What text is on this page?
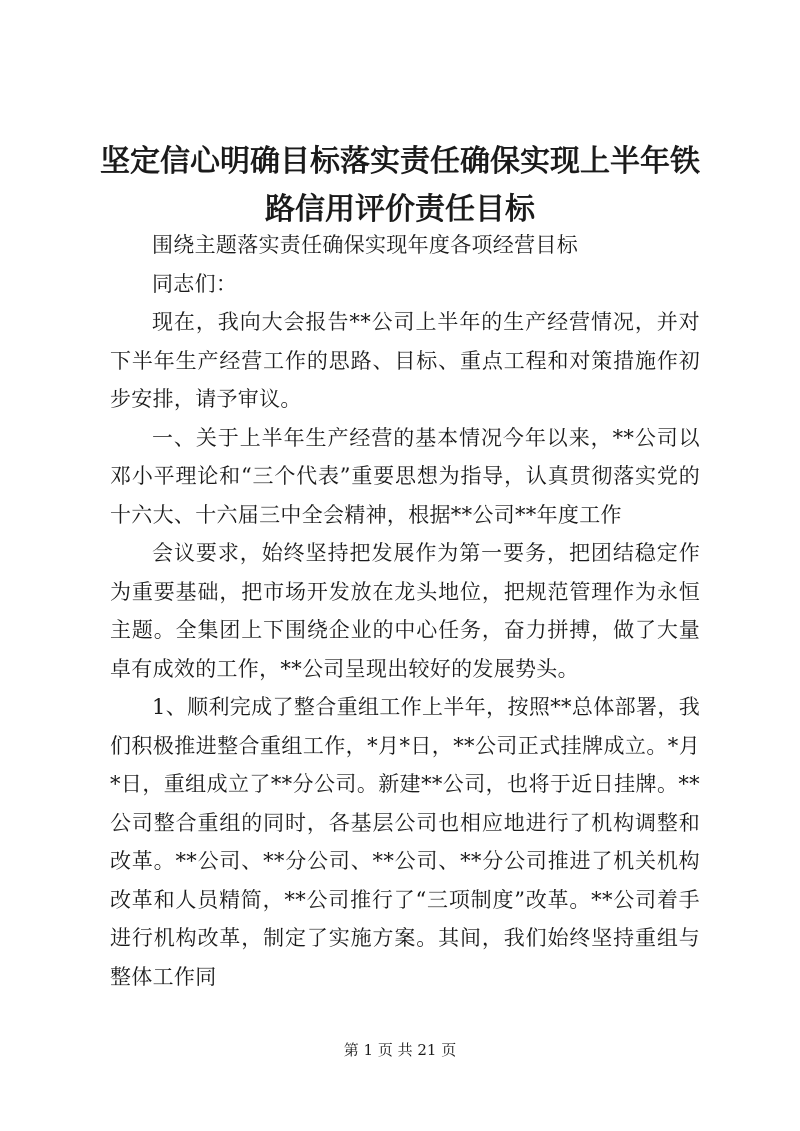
坚定信心明确目标落实责任确保实现上半年铁
路信用评价责任目标

围绕主题落实责任确保实现年度各项经营目标

同志们：

现在，我向大会报告**公司上半年的生产经营情况，并对下半年生产经营工作的思路、目标、重点工程和对策措施作初步安排，请予审议。

一、关于上半年生产经营的基本情况今年以来，**公司以邓小平理论和“三个代表”重要思想为指导，认真贯彻落实党的十六大、十六届三中全会精神，根据**公司**年度工作

会议要求，始终坚持把发展作为第一要务，把团结稳定作为重要基础，把市场开发放在龙头地位，把规范管理作为永恒主题。全集团上下围绕企业的中心任务，奋力拼搏，做了大量卓有成效的工作，**公司呈现出较好的发展势头。

1、顺利完成了整合重组工作上半年，按照**总体部署，我们积极推进整合重组工作，*月*日，**公司正式挂牌成立。*月*日，重组成立了**分公司。新建**公司，也将于近日挂牌。**公司整合重组的同时，各基层公司也相应地进行了机构调整和改革。**公司、**分公司、**公司、**分公司推进了机关机构改革和人员精简，**公司推行了“三项制度”改革。**公司着手进行机构改革，制定了实施方案。其间，我们始终坚持重组与整体工作同

第 1 页 共 21 页
